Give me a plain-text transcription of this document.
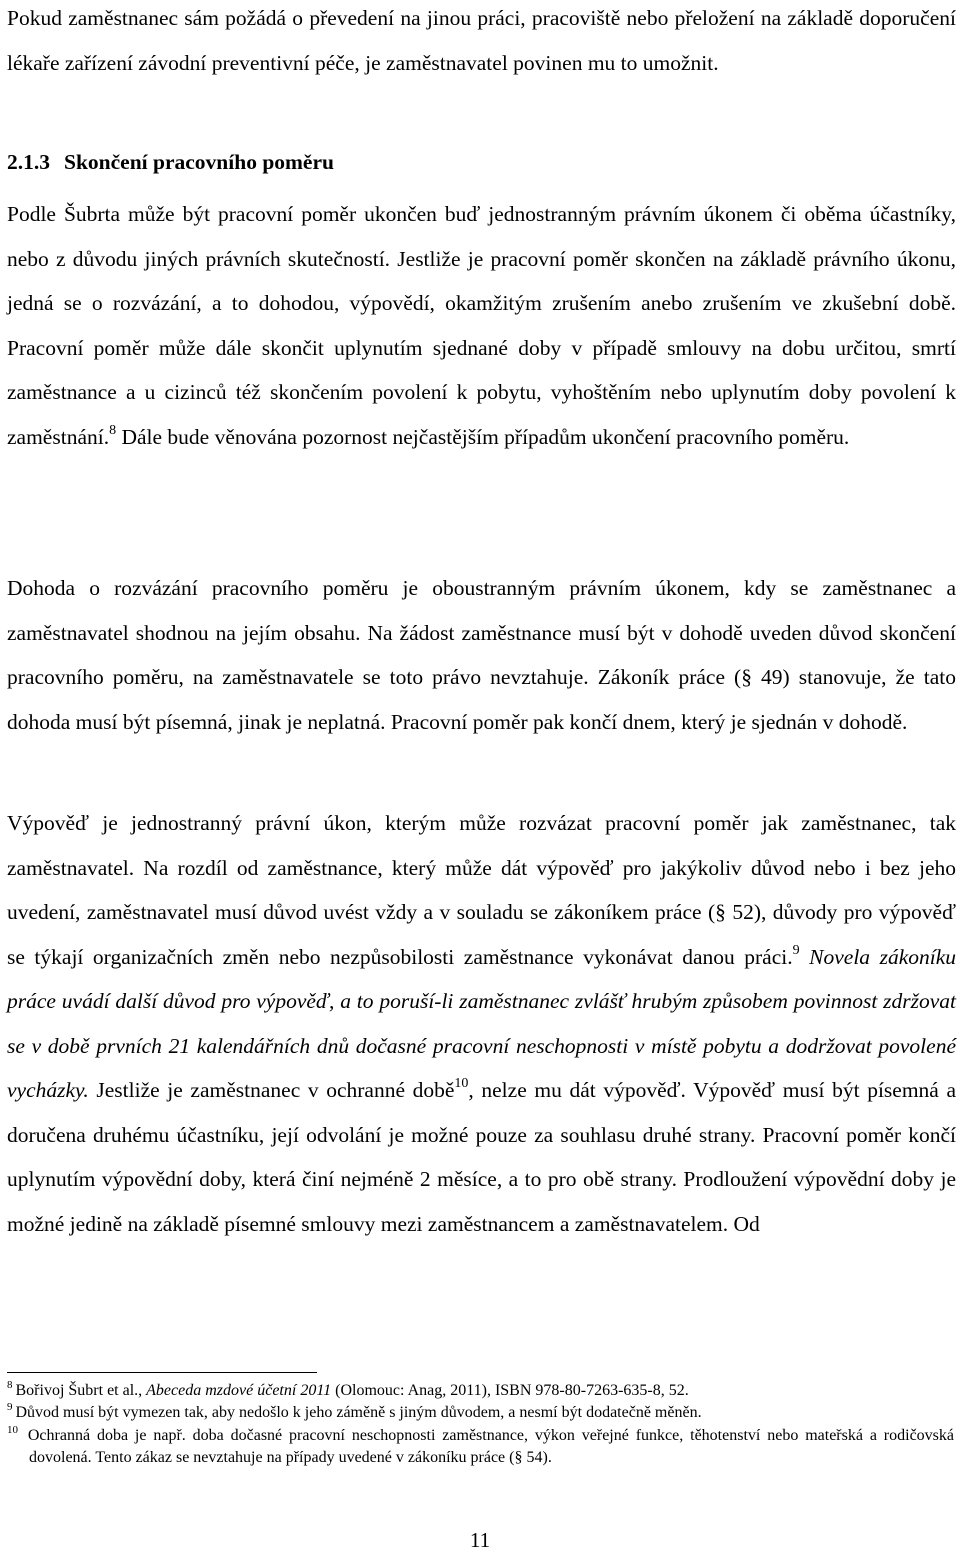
Pokud zaměstnanec sám požádá o převedení na jinou práci, pracoviště nebo přeložení na základě doporučení lékaře zařízení závodní preventivní péče, je zaměstnavatel povinen mu to umožnit.

2.1.3 Skončení pracovního poměru

Podle Šubrta může být pracovní poměr ukončen buď jednostranným právním úkonem či oběma účastníky, nebo z důvodu jiných právních skutečností. Jestliže je pracovní poměr skončen na základě právního úkonu, jedná se o rozvázání, a to dohodou, výpovědí, okamžitým zrušením anebo zrušením ve zkušební době. Pracovní poměr může dále skončit uplynutím sjednané doby v případě smlouvy na dobu určitou, smrtí zaměstnance a u cizinců též skončením povolení k pobytu, vyhoštěním nebo uplynutím doby povolení k zaměstnání.$^8$ Dále bude věnována pozornost nejčastějším případům ukončení pracovního poměru.

Dohoda o rozvázání pracovního poměru je oboustranným právním úkonem, kdy se zaměstnanec a zaměstnavatel shodnou na jejím obsahu. Na žádost zaměstnance musí být v dohodě uveden důvod skončení pracovního poměru, na zaměstnavatele se toto právo nevztahuje. Zákoník práce (§ 49) stanovuje, že tato dohoda musí být písemná, jinak je neplatná. Pracovní poměr pak končí dnem, který je sjednán v dohodě.

Výpověď je jednostranný právní úkon, kterým může rozvázat pracovní poměr jak zaměstnanec, tak zaměstnavatel. Na rozdíl od zaměstnance, který může dát výpověď pro jakýkoliv důvod nebo i bez jeho uvedení, zaměstnavatel musí důvod uvést vždy a v souladu se zákoníkem práce (§ 52), důvody pro výpověď se týkají organizačních změn nebo nezpůsobilosti zaměstnance vykonávat danou práci.$^9$ Novela zákoníku práce uvádí další důvod pro výpověď, a to poruší-li zaměstnanec zvlášť hrubým způsobem povinnost zdržovat se v době prvních 21 kalendářních dnů dočasné pracovní neschopnosti v místě pobytu a dodržovat povolené vycházky. Jestliže je zaměstnanec v ochranné době$^{10}$, nelze mu dát výpověď. Výpověď musí být písemná a doručena druhému účastníku, její odvolání je možné pouze za souhlasu druhé strany. Pracovní poměr končí uplynutím výpovědní doby, která činí nejméně 2 měsíce, a to pro obě strany. Prodloužení výpovědní doby je možné jedině na základě písemné smlouvy mezi zaměstnancem a zaměstnavatelem. Od

$^8$ Bořivoj Šubrt et al., Abeceda mzdové účetní 2011 (Olomouc: Anag, 2011), ISBN 978-80-7263-635-8, 52.

$^9$ Důvod musí být vymezen tak, aby nedošlo k jeho záměně s jiným důvodem, a nesmí být dodatečně měněn.

$^{10}$ Ochranná doba je např. doba dočasné pracovní neschopnosti zaměstnance, výkon veřejné funkce, těhotenství nebo mateřská a rodičovská dovolená. Tento zákaz se nevztahuje na případy uvedené v zákoníku práce (§ 54).

11
